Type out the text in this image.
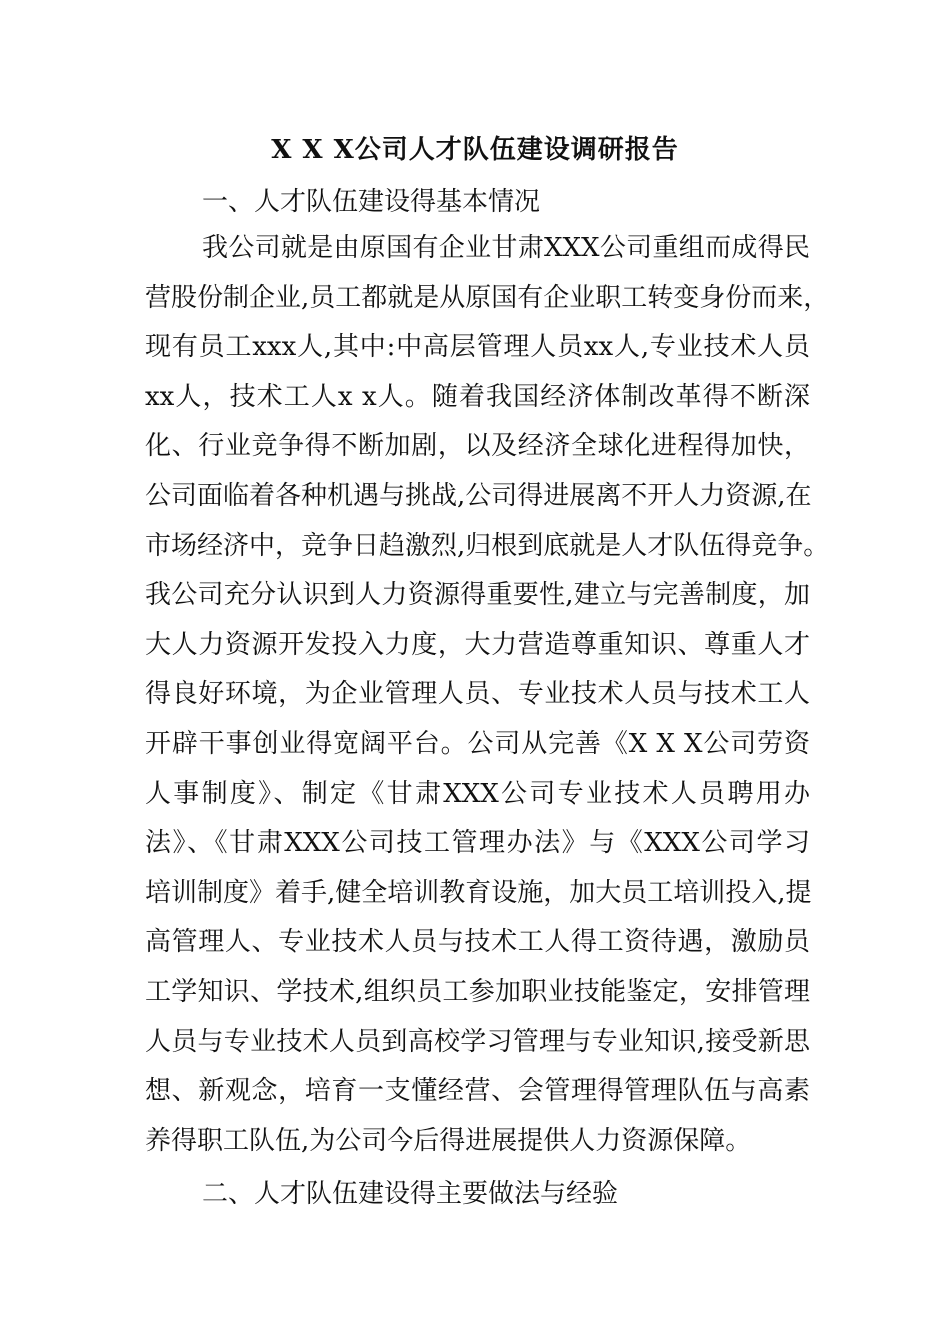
X X X公司人才队伍建设调研报告
一、人才队伍建设得基本情况
我公司就是由原国有企业甘肃XXX公司重组而成得民
营股份制企业,员工都就是从原国有企业职工转变身份而来，
现有员工xxx人,其中:中高层管理人员xx人,专业技术人员
xx人，技术工人x x人。随着我国经济体制改革得不断深
化、行业竞争得不断加剧，以及经济全球化进程得加快，
公司面临着各种机遇与挑战,公司得进展离不开人力资源,在
市场经济中，竞争日趋激烈,归根到底就是人才队伍得竞争。
我公司充分认识到人力资源得重要性,建立与完善制度，加
大人力资源开发投入力度，大力营造尊重知识、尊重人才
得良好环境，为企业管理人员、专业技术人员与技术工人
开辟干事创业得宽阔平台。公司从完善《X X X公司劳资
人事制度》、制定《甘肃XXX公司专业技术人员聘用办
法》、《甘肃XXX公司技工管理办法》与《XXX公司学习
培训制度》着手,健全培训教育设施，加大员工培训投入,提
高管理人、专业技术人员与技术工人得工资待遇，激励员
工学知识、学技术,组织员工参加职业技能鉴定，安排管理
人员与专业技术人员到高校学习管理与专业知识,接受新思
想、新观念，培育一支懂经营、会管理得管理队伍与高素
养得职工队伍,为公司今后得进展提供人力资源保障。
二、人才队伍建设得主要做法与经验
